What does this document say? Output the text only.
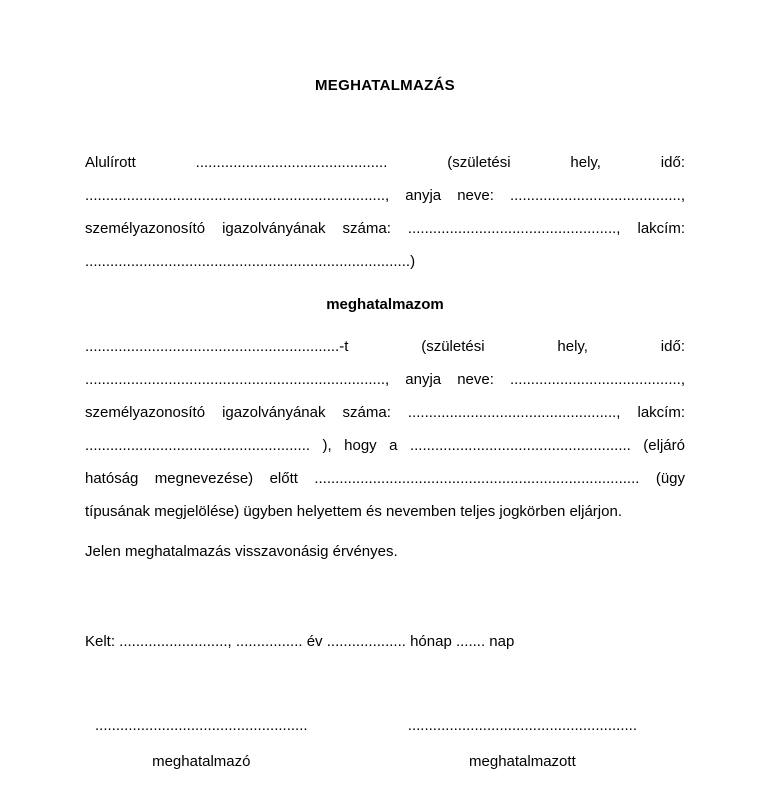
MEGHATALMAZÁS
Alulírott .............................................. (születési hely, idő:
........................................................................, anyja neve: .........................................,
személyazonosító igazolványának száma: .................................................., lakcím:
..............................................................................)
meghatalmazom
.............................................................-t (születési hely, idő:
........................................................................, anyja neve: .........................................,
személyazonosító igazolványának száma: .................................................., lakcím:
...................................................... ), hogy a ..................................................... (eljáró
hatóság megnevezése) előtt .............................................................................. (ügy
típusának megjelölése) ügyben helyettem és nevemben teljes jogkörben eljárjon.
Jelen meghatalmazás visszavonásig érvényes.
Kelt: .........................., ................ év ................... hónap ....... nap
...................................................
meghatalmazó
.......................................................
meghatalmazott
